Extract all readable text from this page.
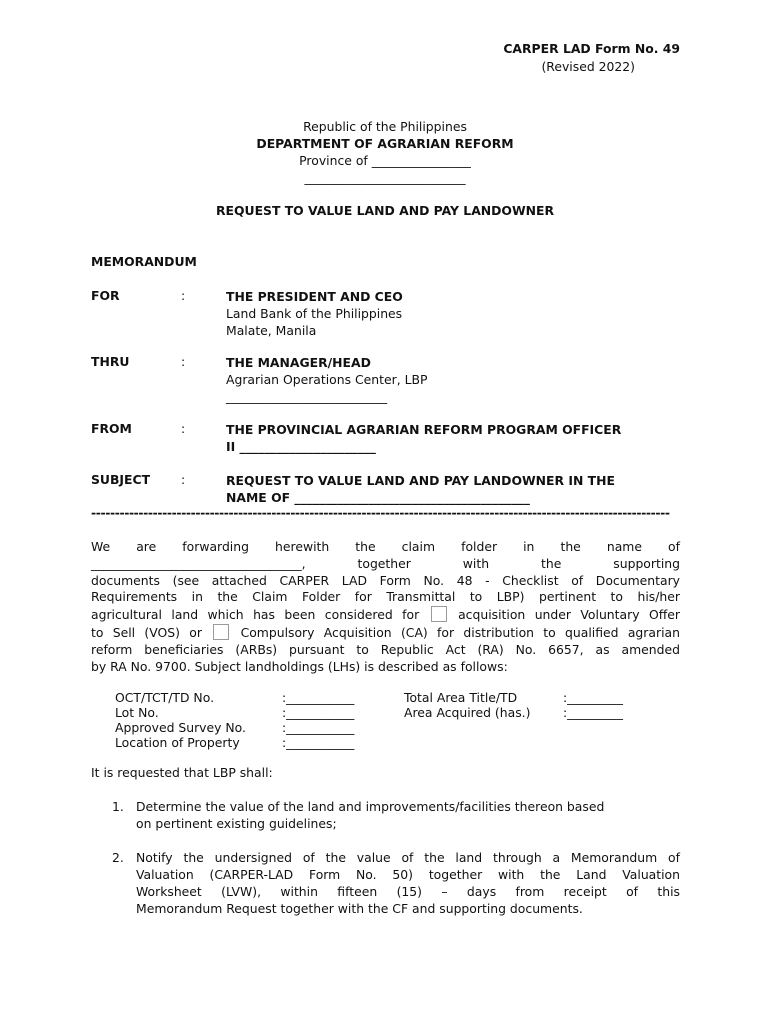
CARPER LAD Form No. 49
(Revised 2022)
Republic of the Philippines
DEPARTMENT OF AGRARIAN REFORM
Province of ________________
__________________________
REQUEST TO VALUE LAND AND PAY LANDOWNER
MEMORANDUM
FOR	:	THE PRESIDENT AND CEO
Land Bank of the Philippines
Malate, Manila
THRU	:	THE MANAGER/HEAD
Agrarian Operations Center, LBP
__________________________
FROM	:	THE PROVINCIAL AGRARIAN REFORM PROGRAM OFFICER
II ______________________
SUBJECT :	REQUEST TO VALUE LAND AND PAY LANDOWNER IN THE
NAME OF ______________________________________
--------------------------------------------------------------------------------------------------------------------------
We are forwarding herewith the claim folder in the name of
__________________________________, together with the supporting
documents (see attached CARPER LAD Form No. 48 - Checklist of Documentary
Requirements in the Claim Folder for Transmittal to LBP) pertinent to his/her
agricultural land which has been considered for	acquisition under Voluntary Offer
to Sell (VOS) or	Compulsory Acquisition (CA) for distribution to qualified agrarian
reform beneficiaries (ARBs) pursuant to Republic Act (RA) No. 6657, as amended
by RA No. 9700. Subject landholdings (LHs) is described as follows:
OCT/TCT/TD No.	:___________	Total Area Title/TD	:_________
Lot No.	:___________	Area Acquired (has.)	:_________
Approved Survey No.	:___________
Location of Property	:___________
It is requested that LBP shall:
1. Determine the value of the land and improvements/facilities thereon based
on pertinent existing guidelines;
2. Notify the undersigned of the value of the land through a Memorandum of
Valuation (CARPER-LAD Form No. 50) together with the Land Valuation
Worksheet (LVW), within fifteen (15) – days from receipt of this
Memorandum Request together with the CF and supporting documents.
